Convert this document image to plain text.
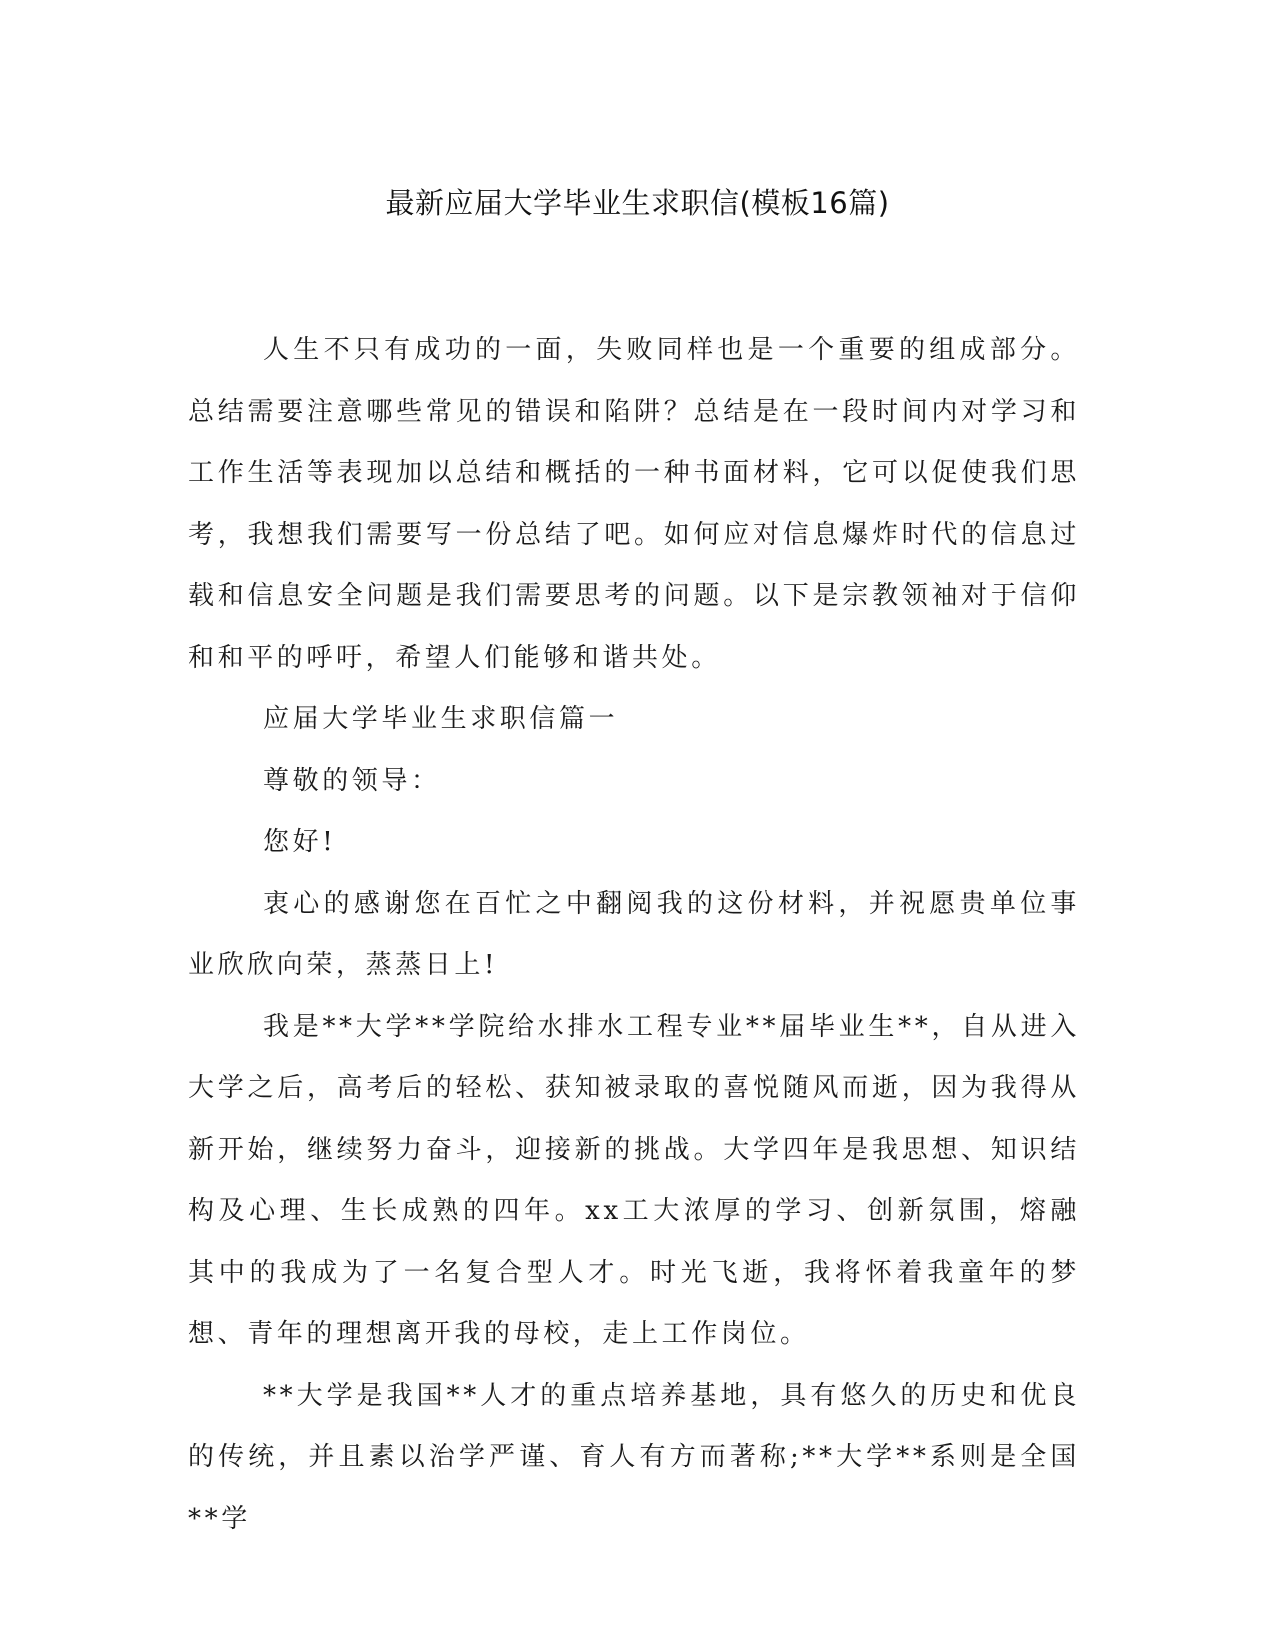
最新应届大学毕业生求职信(模板16篇)

人生不只有成功的一面，失败同样也是一个重要的组成部分。总结需要注意哪些常见的错误和陷阱？总结是在一段时间内对学习和工作生活等表现加以总结和概括的一种书面材料，它可以促使我们思考，我想我们需要写一份总结了吧。如何应对信息爆炸时代的信息过载和信息安全问题是我们需要思考的问题。以下是宗教领袖对于信仰和和平的呼吁，希望人们能够和谐共处。

应届大学毕业生求职信篇一

尊敬的领导：

您好!

衷心的感谢您在百忙之中翻阅我的这份材料，并祝愿贵单位事业欣欣向荣，蒸蒸日上!

我是**大学**学院给水排水工程专业**届毕业生**，自从进入大学之后，高考后的轻松、获知被录取的喜悦随风而逝，因为我得从新开始，继续努力奋斗，迎接新的挑战。大学四年是我思想、知识结构及心理、生长成熟的四年。xx工大浓厚的学习、创新氛围，熔融其中的我成为了一名复合型人才。时光飞逝，我将怀着我童年的梦想、青年的理想离开我的母校，走上工作岗位。

**大学是我国**人才的重点培养基地，具有悠久的历史和优良的传统，并且素以治学严谨、育人有方而著称;**大学**系则是全国**学
